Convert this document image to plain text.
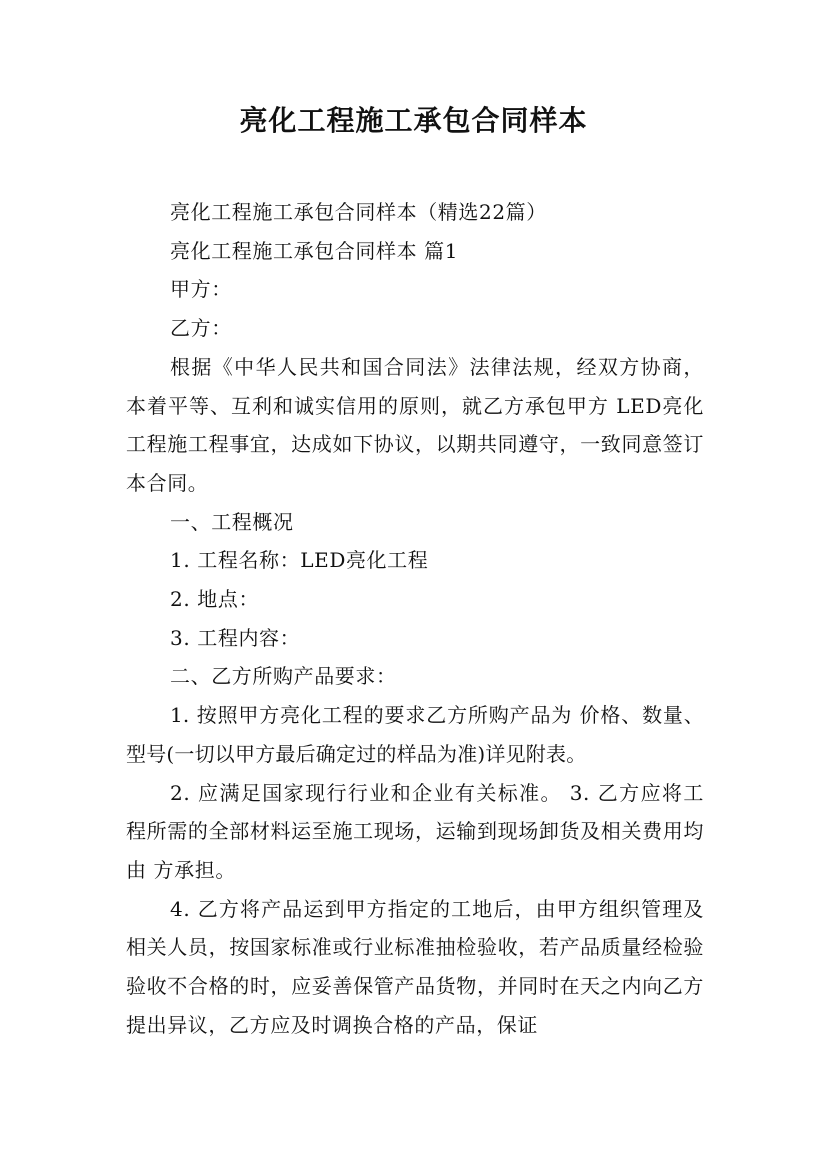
亮化工程施工承包合同样本

亮化工程施工承包合同样本（精选22篇）

亮化工程施工承包合同样本 篇1

甲方：

乙方：

根据《中华人民共和国合同法》法律法规，经双方协商，本着平等、互利和诚实信用的原则，就乙方承包甲方 LED亮化工程施工程事宜，达成如下协议，以期共同遵守，一致同意签订本合同。

一、工程概况

1. 工程名称：LED亮化工程

2. 地点：

3. 工程内容：

二、乙方所购产品要求：

1. 按照甲方亮化工程的要求乙方所购产品为 价格、数量、型号(一切以甲方最后确定过的样品为准)详见附表。

2. 应满足国家现行行业和企业有关标准。 3. 乙方应将工程所需的全部材料运至施工现场，运输到现场卸货及相关费用均由 方承担。

4. 乙方将产品运到甲方指定的工地后，由甲方组织管理及相关人员，按国家标准或行业标准抽检验收，若产品质量经检验验收不合格的时，应妥善保管产品货物，并同时在天之内向乙方提出异议，乙方应及时调换合格的产品，保证
